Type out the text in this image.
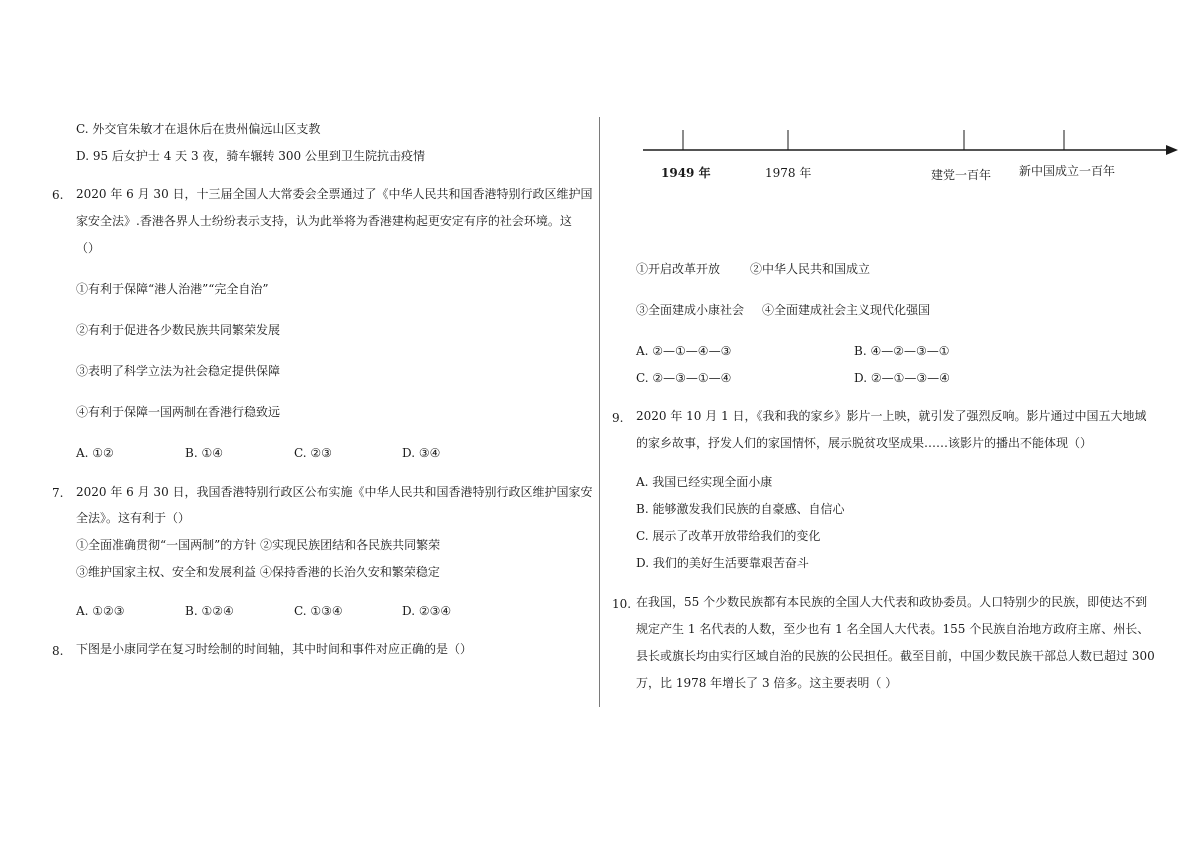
C. 外交官朱敏才在退休后在贵州偏远山区支教
D. 95 后女护士 4 天 3 夜，骑车辗转 300 公里到卫生院抗击疫情
6. 2020 年 6 月 30 日，十三届全国人大常委会全票通过了《中华人民共和国香港特别行政区维护国
家安全法》.香港各界人士纷纷表示支持，认为此举将为香港建构起更安定有序的社会环境。这
（）
①有利于保障“港人治港”“完全自治”
②有利于促进各少数民族共同繁荣发展
③表明了科学立法为社会稳定提供保障
④有利于保障一国两制在香港行稳致远
A. ①②	B. ①④	C. ②③	D. ③④
7. 2020 年 6 月 30 日，我国香港特别行政区公布实施《中华人民共和国香港特别行政区维护国家安
全法》。这有利于（）
①全面准确贯彻“一国两制”的方针 ②实现民族团结和各民族共同繁荣
③维护国家主权、安全和发展利益 ④保持香港的长治久安和繁荣稳定
A. ①②③	B. ①②④	C. ①③④	D. ②③④
8. 下图是小康同学在复习时绘制的时间轴，其中时间和事件对应正确的是（）
1949 年	1978 年	建党一百年 新中国成立一百年
①开启改革开放 ②中华人民共和国成立
③全面建成小康社会 ④全面建成社会主义现代化强国
A. ②—①—④—③	B. ④—②—③—①
C. ②—③—①—④	D. ②—①—③—④
9. 2020 年 10 月 1 日，《我和我的家乡》影片一上映，就引发了强烈反响。影片通过中国五大地域
的家乡故事，抒发人们的家国情怀，展示脱贫攻坚成果……该影片的播出不能体现（）
A. 我国已经实现全面小康
B. 能够激发我们民族的自豪感、自信心
C. 展示了改革开放带给我们的变化
D. 我们的美好生活要靠艰苦奋斗
10. 在我国，55 个少数民族都有本民族的全国人大代表和政协委员。人口特别少的民族，即使达不到
规定产生 1 名代表的人数，至少也有 1 名全国人大代表。155 个民族自治地方政府主席、州长、
县长或旗长均由实行区域自治的民族的公民担任。截至目前，中国少数民族干部总人数已超过 300
万，比 1978 年增长了 3 倍多。这主要表明（ ）
